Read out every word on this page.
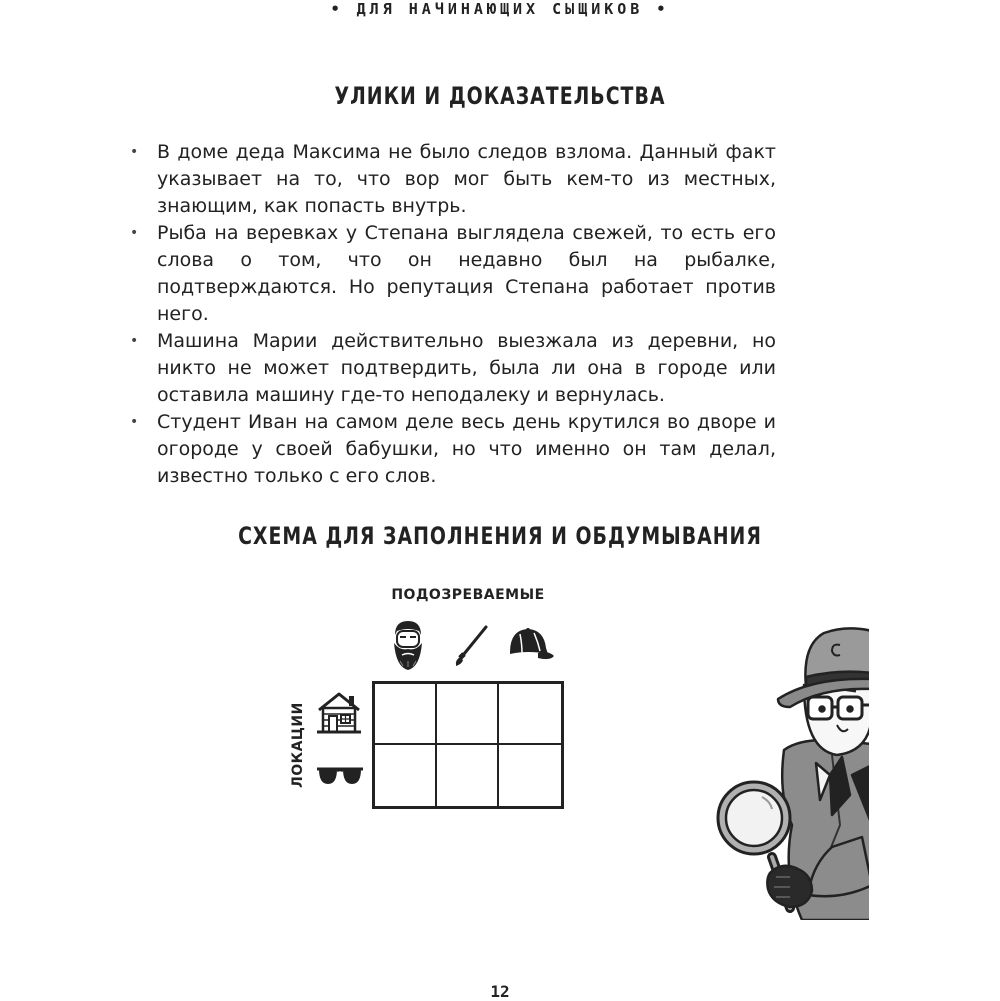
• ДЛЯ НАЧИНАЮЩИХ СЫЩИКОВ •
УЛИКИ И ДОКАЗАТЕЛЬСТВА
• В доме деда Максима не было следов взлома. Данный факт указывает на то, что вор мог быть кем-то из местных, знающим, как попасть внутрь.
• Рыба на веревках у Степана выглядела свежей, то есть его слова о том, что он недавно был на рыбалке, подтверждаются. Но репутация Степана работает против него.
• Машина Марии действительно выезжала из деревни, но никто не может подтвердить, была ли она в городе или оставила машину где-то неподалеку и вернулась.
• Студент Иван на самом деле весь день крутился во дворе и огороде у своей бабушки, но что именно он там делал, известно только с его слов.
СХЕМА ДЛЯ ЗАПОЛНЕНИЯ И ОБДУМЫВАНИЯ
ПОДОЗРЕВАЕМЫЕ
ЛОКАЦИИ
12
